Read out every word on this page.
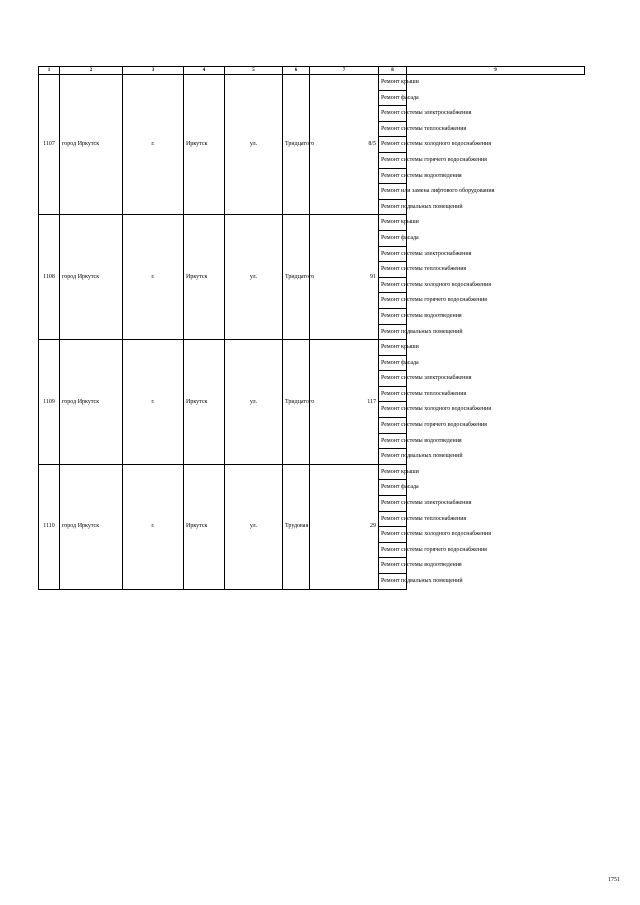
1	2	3	4	5	6	7	8	9
1107	город Иркутск	г.	Иркутск	ул.	Тридцатого	8/5	Ремонт крыши	
							Ремонт фасада	
							Ремонт системы электроснабжения	
							Ремонт системы теплоснабжения	
							Ремонт системы холодного водоснабжения	
							Ремонт системы горячего водоснабжения	
							Ремонт системы водоотведения	
							Ремонт или замена лифтового оборудования	
							Ремонт подвальных помещений	
1108	город Иркутск	г.	Иркутск	ул.	Тридцатого	91	Ремонт крыши	
							Ремонт фасада	
							Ремонт системы электроснабжения	
							Ремонт системы теплоснабжения	
							Ремонт системы холодного водоснабжения	
							Ремонт системы горячего водоснабжения	
							Ремонт системы водоотведения	
							Ремонт подвальных помещений	
1109	город Иркутск	г.	Иркутск	ул.	Тридцатого	117	Ремонт крыши	
							Ремонт фасада	
							Ремонт системы электроснабжения	
							Ремонт системы теплоснабжения	
							Ремонт системы холодного водоснабжения	
							Ремонт системы горячего водоснабжения	
							Ремонт системы водоотведения	
							Ремонт подвальных помещений	
1110	город Иркутск	г.	Иркутск	ул.	Трудовая	29	Ремонт крыши	
							Ремонт фасада	
							Ремонт системы электроснабжения	
							Ремонт системы теплоснабжения	
							Ремонт системы холодного водоснабжения	
							Ремонт системы горячего водоснабжения	
							Ремонт системы водоотведения	
							Ремонт подвальных помещений	
1751
